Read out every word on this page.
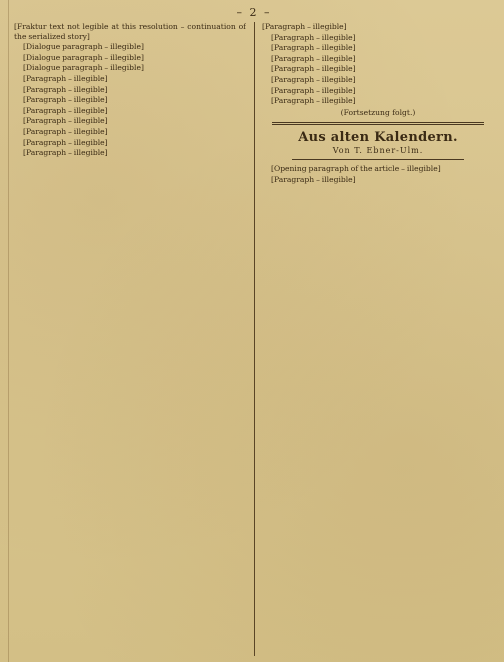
– 2 –

[Fraktur text not legible at this resolution – continuation of the serialized story]

[Dialogue paragraph – illegible]

[Dialogue paragraph – illegible]

[Dialogue paragraph – illegible]

[Paragraph – illegible]

[Paragraph – illegible]

[Paragraph – illegible]

[Paragraph – illegible]

[Paragraph – illegible]

[Paragraph – illegible]

[Paragraph – illegible]

[Paragraph – illegible]

[Paragraph – illegible]

[Paragraph – illegible]

[Paragraph – illegible]

[Paragraph – illegible]

[Paragraph – illegible]

[Paragraph – illegible]

[Paragraph – illegible]

[Paragraph – illegible]

(Fortsetzung folgt.)
Aus alten Kalendern.
Von T. Ebner-Ulm.

[Opening paragraph of the article – illegible]

[Paragraph – illegible]
